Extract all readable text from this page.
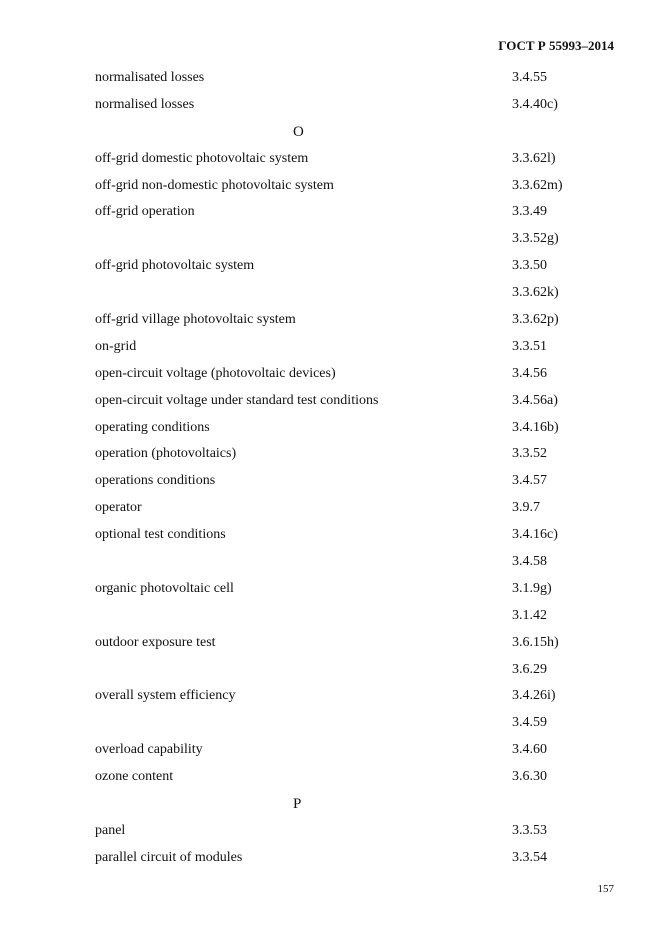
ГОСТ Р 55993–2014
normalisated losses	3.4.55
normalised losses	3.4.40c)
O
off-grid domestic photovoltaic system	3.3.62l)
off-grid non-domestic photovoltaic system	3.3.62m)
off-grid operation	3.3.49
3.3.52g)
off-grid photovoltaic system	3.3.50
3.3.62k)
off-grid village photovoltaic system	3.3.62p)
on-grid	3.3.51
open-circuit voltage (photovoltaic devices)	3.4.56
open-circuit voltage under standard test conditions	3.4.56a)
operating conditions	3.4.16b)
operation (photovoltaics)	3.3.52
operations conditions	3.4.57
operator	3.9.7
optional test conditions	3.4.16c)
3.4.58
organic photovoltaic cell	3.1.9g)
3.1.42
outdoor exposure test	3.6.15h)
3.6.29
overall system efficiency	3.4.26i)
3.4.59
overload capability	3.4.60
ozone content	3.6.30
P
panel	3.3.53
parallel circuit of modules	3.3.54
157
